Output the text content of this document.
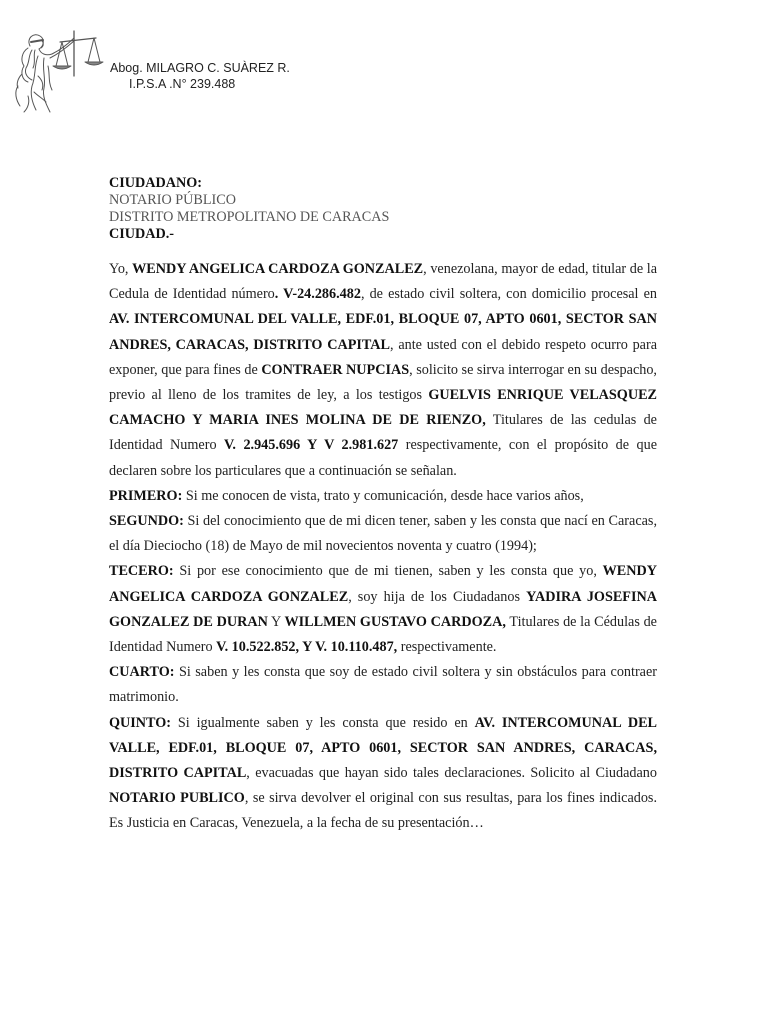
Abog. MILAGRO C. SUÀREZ R.
I.P.S.A .N° 239.488
CIUDADANO:
NOTARIO PÚBLICO
DISTRITO METROPOLITANO DE CARACAS
CIUDAD.-

Yo, WENDY ANGELICA CARDOZA GONZALEZ, venezolana, mayor de edad, titular de la Cedula de Identidad número. V-24.286.482, de estado civil soltera, con domicilio procesal en AV. INTERCOMUNAL DEL VALLE, EDF.01, BLOQUE 07, APTO 0601, SECTOR SAN ANDRES, CARACAS, DISTRITO CAPITAL, ante usted con el debido respeto ocurro para exponer, que para fines de CONTRAER NUPCIAS, solicito se sirva interrogar en su despacho, previo al lleno de los tramites de ley, a los testigos GUELVIS ENRIQUE VELASQUEZ CAMACHO Y MARIA INES MOLINA DE DE RIENZO, Titulares de las cedulas de Identidad Numero V. 2.945.696 Y V 2.981.627 respectivamente, con el propósito de que declaren sobre los particulares que a continuación se señalan.

PRIMERO: Si me conocen de vista, trato y comunicación, desde hace varios años,

SEGUNDO: Si del conocimiento que de mi dicen tener, saben y les consta que nací en Caracas, el día Dieciocho (18) de Mayo de mil novecientos noventa y cuatro (1994);

TECERO: Si por ese conocimiento que de mi tienen, saben y les consta que yo, WENDY ANGELICA CARDOZA GONZALEZ, soy hija de los Ciudadanos YADIRA JOSEFINA GONZALEZ DE DURAN Y WILLMEN GUSTAVO CARDOZA, Titulares de la Cédulas de Identidad Numero V. 10.522.852, Y V. 10.110.487, respectivamente.

CUARTO: Si saben y les consta que soy de estado civil soltera y sin obstáculos para contraer matrimonio.

QUINTO: Si igualmente saben y les consta que resido en AV. INTERCOMUNAL DEL VALLE, EDF.01, BLOQUE 07, APTO 0601, SECTOR SAN ANDRES, CARACAS, DISTRITO CAPITAL, evacuadas que hayan sido tales declaraciones. Solicito al Ciudadano NOTARIO PUBLICO, se sirva devolver el original con sus resultas, para los fines indicados. Es Justicia en Caracas, Venezuela, a la fecha de su presentación…
